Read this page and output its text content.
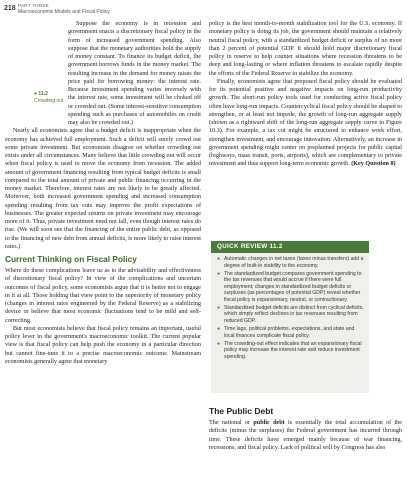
218 PART THREE
Macroeconomic Models and Fiscal Policy
● 11.2
Crowding out

Suppose the economy is in recession and government enacts a discretionary fiscal policy in the form of increased government spending. Also suppose that the monetary authorities hold the supply of money constant. To finance its budget deficit, the government borrows funds in the money market. The resulting increase in the demand for money raises the price paid for borrowing money: the interest rate. Because investment spending varies inversely with the interest rate, some investment will be choked off or crowded out. (Some interest-sensitive consumption spending such as purchases of automobiles on credit may also be crowded out.)

Nearly all economists agree that a budget deficit is inappropriate when the economy has achieved full employment. Such a deficit will surely crowd out some private investment. But economists disagree on whether crowding out exists under all circumstances. Many believe that little crowding out will occur when fiscal policy is used to move the economy from recession. The added amount of government financing resulting from typical budget deficits is small compared to the total amount of private and public financing occurring in the money market. Therefore, interest rates are not likely to be greatly affected. Moreover, both increased government spending and increased consumption spending resulting from tax cuts may improve the profit expectations of businesses. The greater expected returns on private investment may encourage more of it. Thus, private investment need not fall, even though interest rates do rise. (We will soon see that the financing of the entire public debt, as opposed to the financing of new debt from annual deficits, is more likely to raise interest rates.)

Current Thinking on Fiscal Policy

Where do these complications leave us as to the advisability and effectiveness of discretionary fiscal policy? In view of the complications and uncertain outcomes of fiscal policy, some economists argue that it is better not to engage in it at all. Those holding that view point to the superiority of monetary policy (changes in interest rates engineered by the Federal Reserve) as a stabilizing device or believe that most economic fluctuations tend to be mild and self-correcting.

But most economists believe that fiscal policy remains an important, useful policy lever in the government's macroeconomic toolkit. The current popular view is that fiscal policy can help push the economy in a particular direction but cannot fine-tune it to a precise macroeconomic outcome. Mainstream economists generally agree that monetary

policy is the best month-to-month stabilization tool for the U.S. economy. If monetary policy is doing its job, the government should maintain a relatively neutral fiscal policy, with a standardized budget deficit or surplus of no more than 2 percent of potential GDP. It should hold major discretionary fiscal policy in reserve to help counter situations where recession threatens to be deep and long-lasting or where inflation threatens to escalate rapidly despite the efforts of the Federal Reserve to stabilize the economy.

Finally, economists agree that proposed fiscal policy should be evaluated for its potential positive and negative impacts on long-run productivity growth. The short-run policy tools used for conducting active fiscal policy often have long-run impacts. Countercyclical fiscal policy should be shaped to strengthen, or at least not impede, the growth of long-run aggregate supply (shown as a rightward shift of the long-run aggregate supply curve in Figure 10.3). For example, a tax cut might be structured to enhance work effort, strengthen investment, and encourage innovation. Alternatively, an increase in government spending might center on preplanned projects for public capital (highways, mass transit, ports, airports), which are complementary to private investment and thus support long-term economic growth. (Key Question 8)

QUICK REVIEW 11.2
● Automatic changes in net taxes (taxes minus transfers) add a degree of built-in stability to the economy.
● The standardized budget compares government spending to the tax revenues that would accrue if there were full employment; changes in standardized budget deficits or surpluses (as percentages of potential GDP) reveal whether fiscal policy is expansionary, neutral, or contractionary.
● Standardized budget deficits are distinct from cyclical deficits, which simply reflect declines in tax revenues resulting from reduced GDP.
● Time lags, political problems, expectations, and state and local finances complicate fiscal policy.
● The crowding-out effect indicates that an expansionary fiscal policy may increase the interest rate and reduce investment spending.
The Public Debt

The national or public debt is essentially the total accumulation of the deficits (minus the surpluses) the Federal government has incurred through time. These deficits have emerged mainly because of war financing, recessions, and fiscal policy. Lack of political will by Congress has also
